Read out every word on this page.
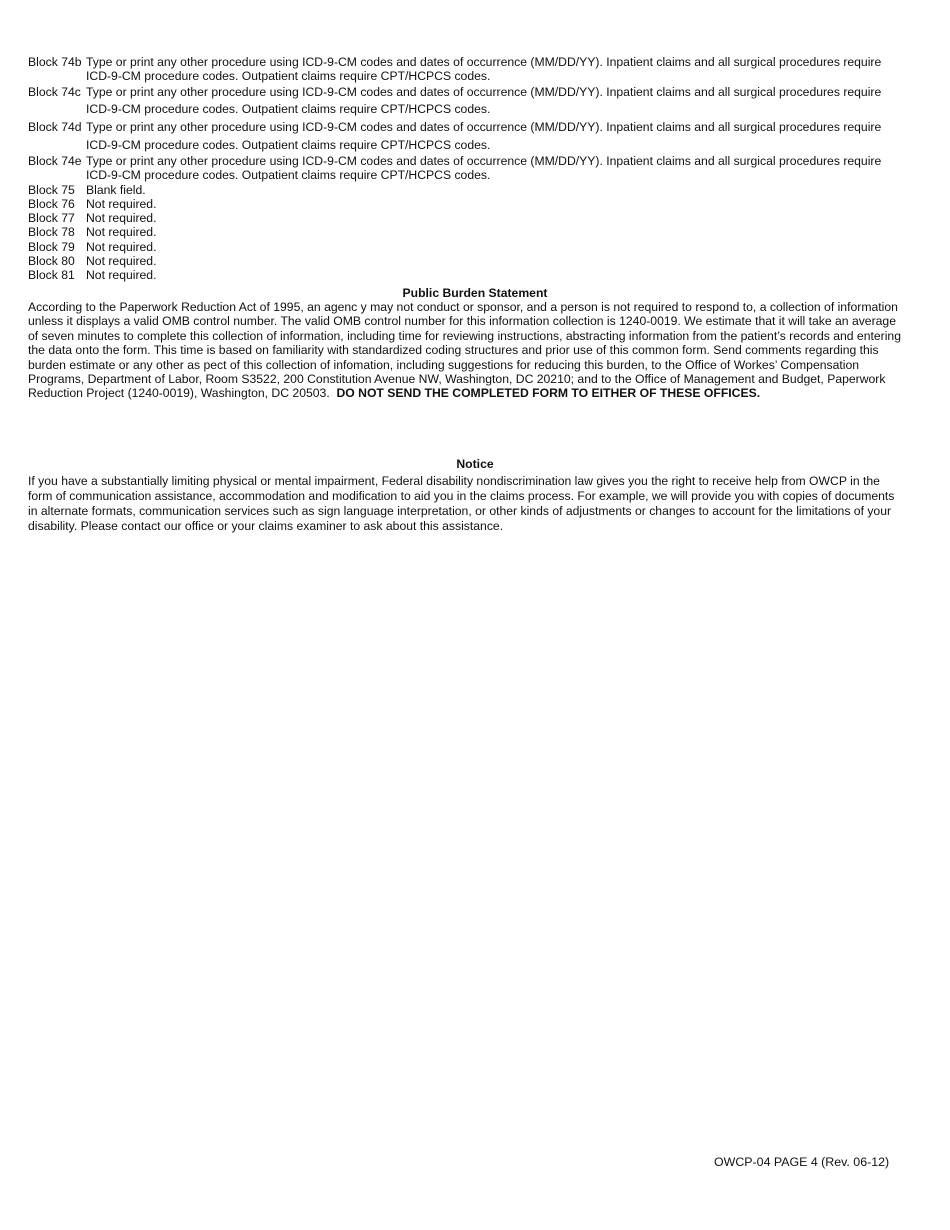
Block 74b Type or print any other procedure using ICD-9-CM codes and dates of occurrence (MM/DD/YY). Inpatient claims and all surgical procedures require
ICD-9-CM procedure codes. Outpatient claims require CPT/HCPCS codes.
Block 74c Type or print any other procedure using ICD-9-CM codes and dates of occurrence (MM/DD/YY). Inpatient claims and all surgical procedures require
ICD-9-CM procedure codes. Outpatient claims require CPT/HCPCS codes.
Block 74d Type or print any other procedure using ICD-9-CM codes and dates of occurrence (MM/DD/YY). Inpatient claims and all surgical procedures require
ICD-9-CM procedure codes. Outpatient claims require CPT/HCPCS codes.
Block 74e Type or print any other procedure using ICD-9-CM codes and dates of occurrence (MM/DD/YY). Inpatient claims and all surgical procedures require
ICD-9-CM procedure codes. Outpatient claims require CPT/HCPCS codes.
Block 75 Blank field.
Block 76 Not required.
Block 77 Not required.
Block 78 Not required.
Block 79 Not required.
Block 80 Not required.
Block 81 Not required.
Public Burden Statement
According to the Paperwork Reduction Act of 1995, an agenc y may not conduct or sponsor, and a person is not required to respond to, a collection of information
unless it displays a valid OMB control number. The valid OMB control number for this information collection is 1240-0019. We estimate that it will take an average
of seven minutes to complete this collection of information, including time for reviewing instructions, abstracting information from the patient’s records and entering
the data onto the form. This time is based on familiarity with standardized coding structures and prior use of this common form. Send comments regarding this
burden estimate or any other as pect of this collection of infomation, including suggestions for reducing this burden, to the Office of Workes’ Compensation
Programs, Department of Labor, Room S3522, 200 Constitution Avenue NW, Washington, DC 20210; and to the Office of Management and Budget, Paperwork
Reduction Project (1240-0019), Washington, DC 20503.  DO NOT SEND THE COMPLETED FORM TO EITHER OF THESE OFFICES.
Notice
If you have a substantially limiting physical or mental impairment, Federal disability nondiscrimination law gives you the right to receive help from OWCP in the
form of communication assistance, accommodation and modification to aid you in the claims process. For example, we will provide you with copies of documents
in alternate formats, communication services such as sign language interpretation, or other kinds of adjustments or changes to account for the limitations of your
disability. Please contact our office or your claims examiner to ask about this assistance.
OWCP-04 PAGE 4 (Rev. 06-12)
